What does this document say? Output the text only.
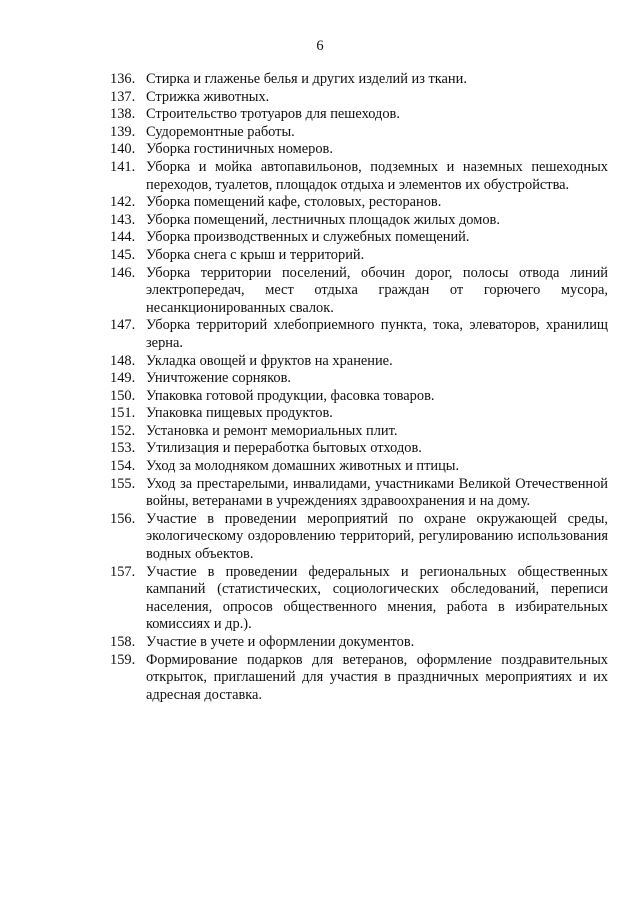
6
136. Стирка и глаженье белья и других изделий из ткани.
137. Стрижка животных.
138. Строительство тротуаров для пешеходов.
139. Судоремонтные работы.
140. Уборка гостиничных номеров.
141. Уборка и мойка автопавильонов, подземных и наземных пешеходных переходов, туалетов, площадок отдыха и элементов их обустройства.
142. Уборка помещений кафе, столовых, ресторанов.
143. Уборка помещений, лестничных площадок жилых домов.
144. Уборка производственных и служебных помещений.
145. Уборка снега с крыш и территорий.
146. Уборка территории поселений, обочин дорог, полосы отвода линий электропередач, мест отдыха граждан от горючего мусора, несанкционированных свалок.
147. Уборка территорий хлебоприемного пункта, тока, элеваторов, хранилищ зерна.
148. Укладка овощей и фруктов на хранение.
149. Уничтожение сорняков.
150. Упаковка готовой продукции, фасовка товаров.
151. Упаковка пищевых продуктов.
152. Установка и ремонт мемориальных плит.
153. Утилизация и переработка бытовых отходов.
154. Уход за молодняком домашних животных и птицы.
155. Уход за престарелыми, инвалидами, участниками Великой Отечественной войны, ветеранами в учреждениях здравоохранения и на дому.
156. Участие в проведении мероприятий по охране окружающей среды, экологическому оздоровлению территорий, регулированию использования водных объектов.
157. Участие в проведении федеральных и региональных общественных кампаний (статистических, социологических обследований, переписи населения, опросов общественного мнения, работа в избирательных комиссиях и др.).
158. Участие в учете и оформлении документов.
159. Формирование подарков для ветеранов, оформление поздравительных открыток, приглашений для участия в праздничных мероприятиях и их адресная доставка.
